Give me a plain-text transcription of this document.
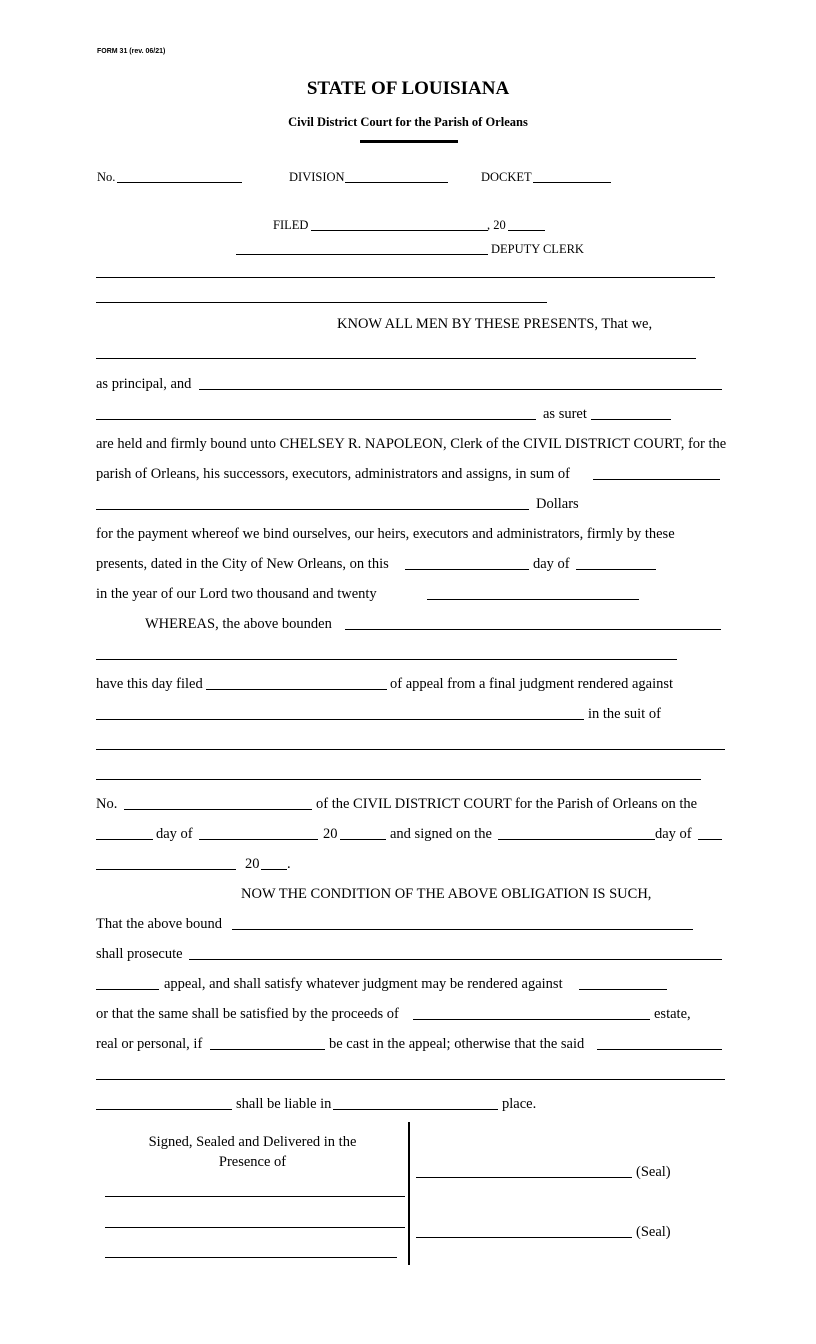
FORM 31 (rev. 06/21)
STATE OF LOUISIANA
Civil District Court for the Parish of Orleans
No.	DIVISION	DOCKET
FILED	, 20
DEPUTY CLERK
KNOW ALL MEN BY THESE PRESENTS, That we,
as principal, and
as suret
are held and firmly bound unto CHELSEY R. NAPOLEON, Clerk of the CIVIL DISTRICT COURT, for the
parish of Orleans, his successors, executors, administrators and assigns, in sum of
Dollars
for the payment whereof we bind ourselves, our heirs, executors and administrators, firmly by these
presents, dated in the City of New Orleans, on this	day of
in the year of our Lord two thousand and twenty
WHEREAS, the above bounden
have this day filed	of appeal from a final judgment rendered against
in the suit of
No.	of the CIVIL DISTRICT COURT for the Parish of Orleans on the
day of	20	and signed on the	day of
20 .
NOW THE CONDITION OF THE ABOVE OBLIGATION IS SUCH,
That the above bound
shall prosecute
appeal, and shall satisfy whatever judgment may be rendered against
or that the same shall be satisfied by the proceeds of	estate,
real or personal, if	be cast in the appeal; otherwise that the said
shall be liable in	place.
Signed, Sealed and Delivered in the
Presence of
(Seal)
(Seal)
